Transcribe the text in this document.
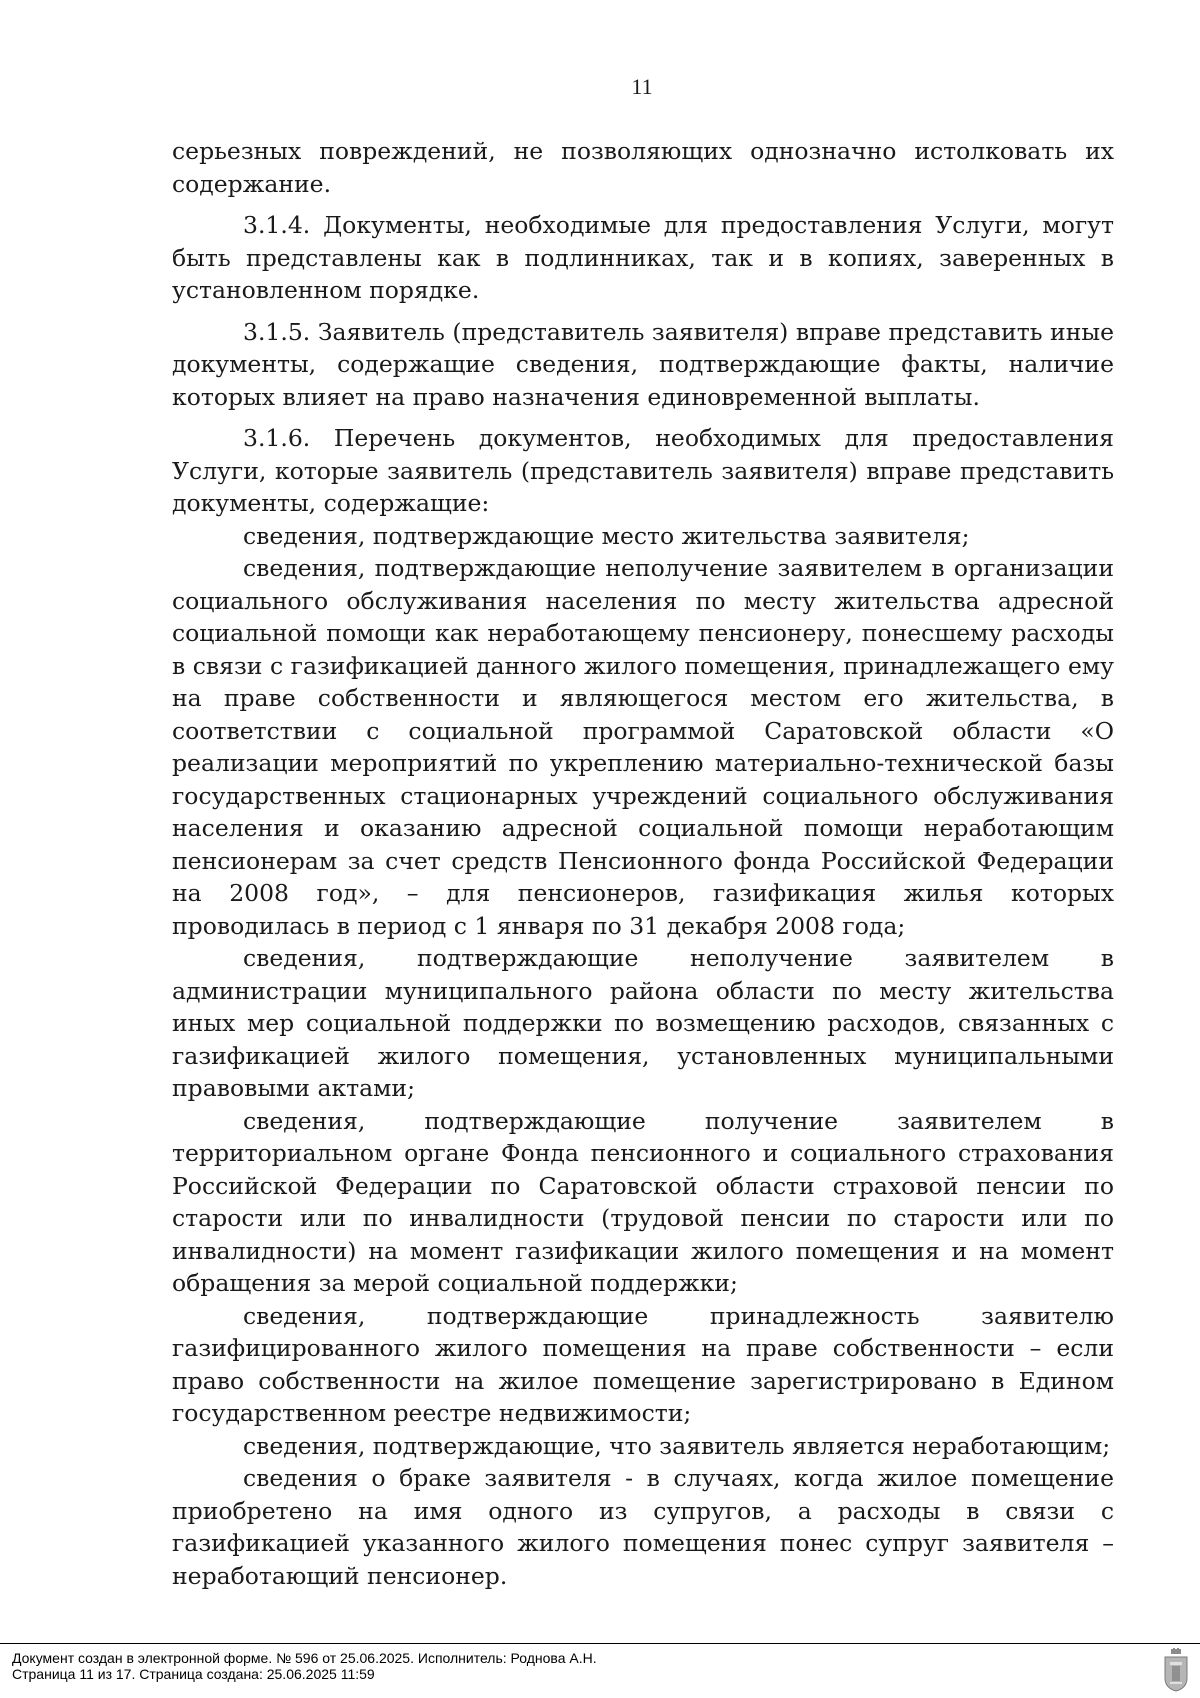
11

серьезных повреждений, не позволяющих однозначно истолковать их содержание.

3.1.4. Документы, необходимые для предоставления Услуги, могут быть представлены как в подлинниках, так и в копиях, заверенных в установленном порядке.

3.1.5. Заявитель (представитель заявителя) вправе представить иные документы, содержащие сведения, подтверждающие факты, наличие которых влияет на право назначения единовременной выплаты.

3.1.6. Перечень документов, необходимых для предоставления Услуги, которые заявитель (представитель заявителя) вправе представить документы, содержащие:

сведения, подтверждающие место жительства заявителя;

сведения, подтверждающие неполучение заявителем в организации социального обслуживания населения по месту жительства адресной социальной помощи как неработающему пенсионеру, понесшему расходы в связи с газификацией данного жилого помещения, принадлежащего ему на праве собственности и являющегося местом его жительства, в соответствии с социальной программой Саратовской области «О реализации мероприятий по укреплению материально-технической базы государственных стационарных учреждений социального обслуживания населения и оказанию адресной социальной помощи неработающим пенсионерам за счет средств Пенсионного фонда Российской Федерации на 2008 год», – для пенсионеров, газификация жилья которых проводилась в период с 1 января по 31 декабря 2008 года;

сведения, подтверждающие неполучение заявителем в администрации муниципального района области по месту жительства иных мер социальной поддержки по возмещению расходов, связанных с газификацией жилого помещения, установленных муниципальными правовыми актами;

сведения, подтверждающие получение заявителем в территориальном органе Фонда пенсионного и социального страхования Российской Федерации по Саратовской области страховой пенсии по старости или по инвалидности (трудовой пенсии по старости или по инвалидности) на момент газификации жилого помещения и на момент обращения за мерой социальной поддержки;

сведения, подтверждающие принадлежность заявителю газифицированного жилого помещения на праве собственности – если право собственности на жилое помещение зарегистрировано в Едином государственном реестре недвижимости;

сведения, подтверждающие, что заявитель является неработающим;

сведения о браке заявителя - в случаях, когда жилое помещение приобретено на имя одного из супругов, а расходы в связи с газификацией указанного жилого помещения понес супруг заявителя – неработающий пенсионер.

Документ создан в электронной форме. № 596 от 25.06.2025. Исполнитель: Роднова А.Н.
Страница 11 из 17. Страница создана: 25.06.2025 11:59
